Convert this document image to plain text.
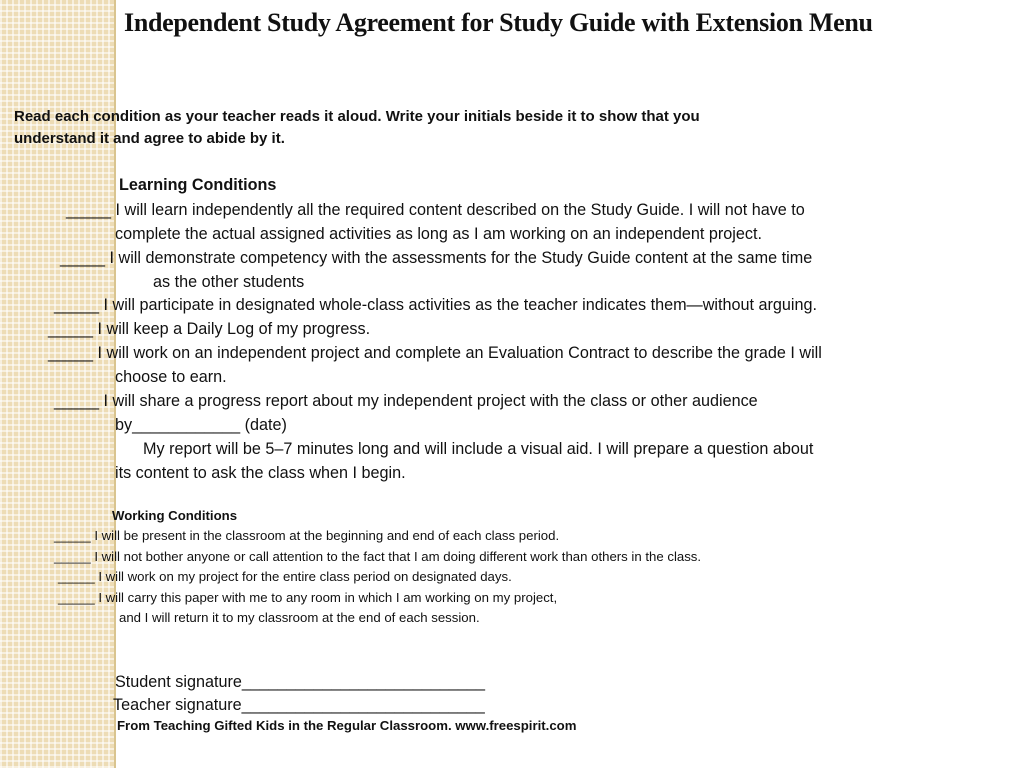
Independent Study Agreement for Study Guide with Extension Menu

Read each condition as your teacher reads it aloud. Write your initials beside it to show that you

understand it and agree to abide by it.

Learning Conditions

_____ I will learn independently all the required content described on the Study Guide. I will not have to

complete the actual assigned activities as long as I am working on an independent project.

_____ I will demonstrate competency with the assessments for the Study Guide content at the same time

as the other students

_____ I will participate in designated whole-class activities as the teacher indicates them—without arguing.

_____ I will keep a Daily Log of my progress.

_____ I will work on an independent project and complete an Evaluation Contract to describe the grade I will

choose to earn.

_____ I will share a progress report about my independent project with the class or other audience

by____________ (date)

My report will be 5–7 minutes long and will include a visual aid. I will prepare a question about

its content to ask the class when I begin.

Working Conditions

_____ I will be present in the classroom at the beginning and end of each class period.

_____ I will not bother anyone or call attention to the fact that I am doing different work than others in the class.

_____ I will work on my project for the entire class period on designated days.

_____ I will carry this paper with me to any room in which I am working on my project,

and I will return it to my classroom at the end of each session.

Student signature___________________________

Teacher signature___________________________

From Teaching Gifted Kids in the Regular Classroom. www.freespirit.com
